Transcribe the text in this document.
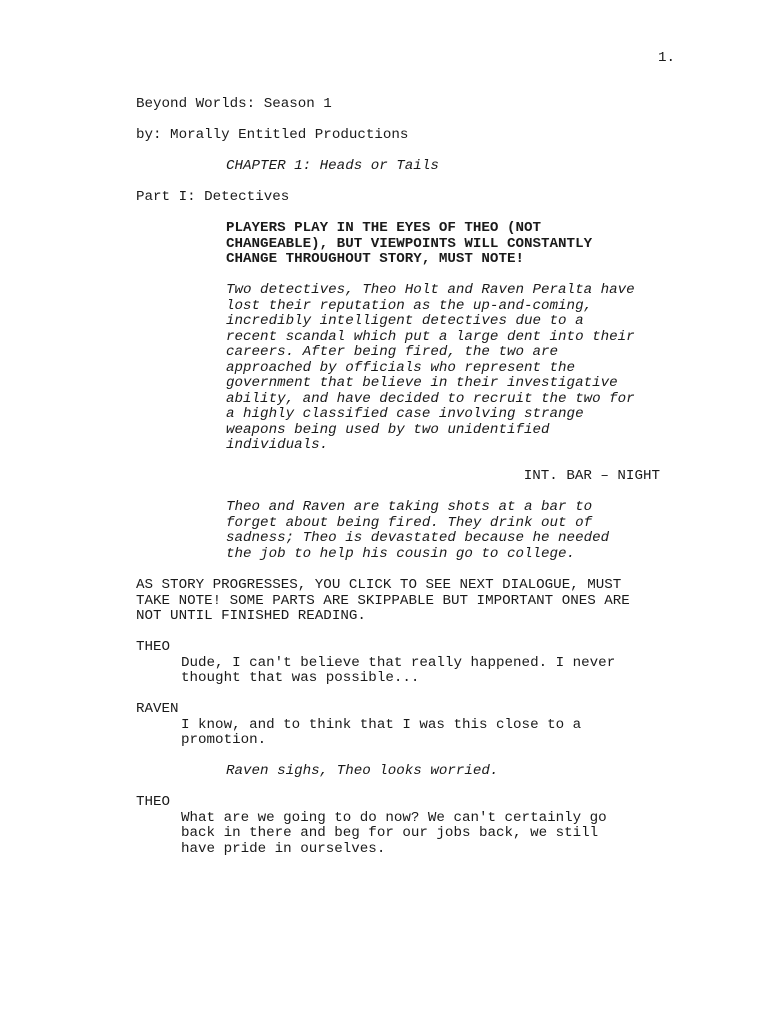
1.
Beyond Worlds: Season 1
by: Morally Entitled Productions
CHAPTER 1: Heads or Tails
Part I: Detectives
PLAYERS PLAY IN THE EYES OF THEO (NOT
CHANGEABLE), BUT VIEWPOINTS WILL CONSTANTLY
CHANGE THROUGHOUT STORY, MUST NOTE!
Two detectives, Theo Holt and Raven Peralta have
lost their reputation as the up-and-coming,
incredibly intelligent detectives due to a
recent scandal which put a large dent into their
careers. After being fired, the two are
approached by officials who represent the
government that believe in their investigative
ability, and have decided to recruit the two for
a highly classified case involving strange
weapons being used by two unidentified
individuals.
INT. BAR – NIGHT
Theo and Raven are taking shots at a bar to
forget about being fired. They drink out of
sadness; Theo is devastated because he needed
the job to help his cousin go to college.
AS STORY PROGRESSES, YOU CLICK TO SEE NEXT DIALOGUE, MUST
TAKE NOTE! SOME PARTS ARE SKIPPABLE BUT IMPORTANT ONES ARE
NOT UNTIL FINISHED READING.
THEO
Dude, I can't believe that really happened. I never
thought that was possible...
RAVEN
I know, and to think that I was this close to a
promotion.
Raven sighs, Theo looks worried.
THEO
What are we going to do now? We can't certainly go
back in there and beg for our jobs back, we still
have pride in ourselves.
